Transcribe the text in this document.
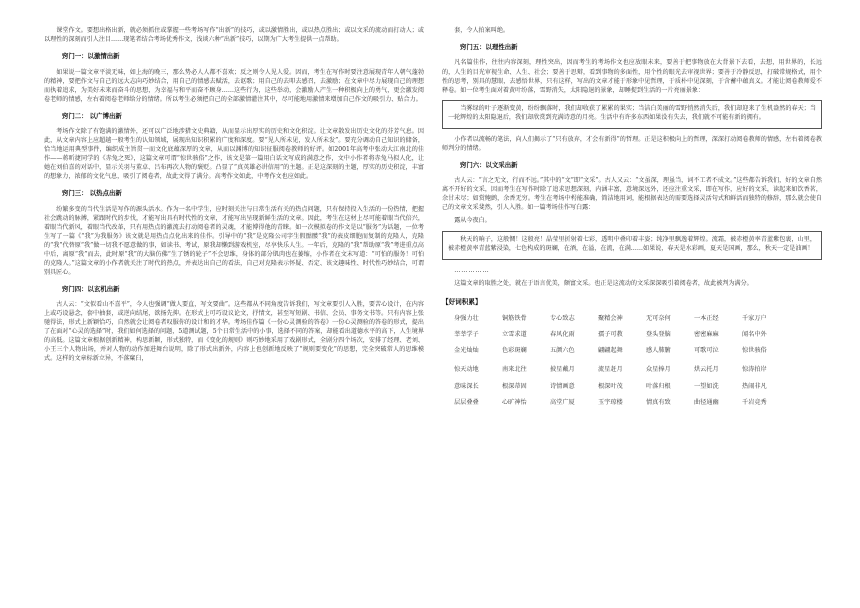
课堂作文。要想出格出新，就必须抓住或掌握一些考场写作“出新”的技巧，或以激情胜出，或以热点胜出；或以文采的流动而打动人；或以理性的深刻而引人注目……现笔者结合考场优秀作文，浅谈六种“出新”技巧，以期为广大考生提供一点帮助。

窍门一：以激情出新

如果说一篇文章平淡无味，如上海的晚三，那么势必人人都不喜欢；反之则令人见人爱。因而，考生在写作时要注意展现青年人朝气蓬勃的精神，要把作文与自己的远大志向巧妙结合，用自己的情感去赋活，去讴歌；用自己的去叩去感召，去激励；在文章中尽力展现自己的理想而执着追求，为美好未来而奋斗的思想，为幸福与和平而奋不顾身……这些行为，这些举动，会激励人产生一种积极向上的勇气，更会激发阅卷老师的情感，左右着阅卷老师给分的情绪。所以考生必须把自己的全部激情灌注其中，尽可能地用激情来增加自己作文的吸引力、贴合力。

窍门二： 以广博出新

考场作文除了有饱满的激情外，还可以广泛地涉猎文史典籍，从而显示出厚实的历史和文化积淀。让文章散发出历史文化的芬芳气息。因此，从文章内容上应超越一般考生的认知领域，展现出知识积累的广度和深度。要“见人所未见，发人所未发”。要充分调动自己知识的储备，恰当地运用典型事件，编织成主旨贯一而文化底蕴深厚的文章，从而以渊博的知识征服阅卷教师的好评。如2001年高考中张动大江南北的佳作——蒋昕捷同学的《赤兔之死》，这篇文章可谓“惊世骇俗”之作，该文是第一篇用白话文写成的满意之作，文中小作者将赤兔马拟人化，让她在刘伯喜的对话中，显示关羽与董卓、吕布再次人物的褒贬。凸显了“真英雄必讲信用”的主题。正是这深刻的主题，厚实的历史积淀，丰富的想象力，浓郁的文化气息，吸引了阅卷者，故此文得了满分。高考作文如此，中考作文也应如此。

窍门三： 以热点出新

纷繁多变的当代生活是写作的源头活水。作为一名中学生，应时刻关注与日常生活有关的热点问题，只有保持投入生活的一份热情，把握社会跳动的脉搏，紧跟时代的步伐，才能写出具有时代性的文章，才能写出呈现新鲜生活的文章。因此，考生在这材上尽可能着眼当代倍兴，着眼当代新风，着眼当代改革，只有用热点的激流去打动阅卷者的灵魂，才能博得他的青睐。如一次模拟卷的作文是以“服务”为话题，一位考生写了一篇《“我”为我服务》该文就是用热点点化出来的佳作。引导中的“我”是克隆公司字生假骷髅“我”的表皮细胞而复制的克隆人，克隆的“我”代替原“我”做一切我不愿意做的事，如读书、考试，原我却懒到游戏机室，尽享快乐人生。一年后，克隆的“我”帮助原“我”考进重点高中后，离原“我”而去，此时原“我”的大脑仿佛“生了锈的轮子”不会思维，身体的部分肌肉也在萎缩，小作者在文末写道：“可怕的服务！可怕的克隆人。”这篇文章的小作者就关注了时代的热点，并表达出自己的看法，自己对克隆表示怀疑、否定、该文趣味性、时代性巧妙结合，可谓别具匠心。

窍门四：以玄机出新

古人云：“文似看山不喜平”，今人也强调“做人要直，写文要曲”。这些都从不同角度告诉我们，写文章要引人入胜，要苦心设计，在内容上或巧设悬念，套中抽套，或逆向结尾，欲扬先抑。在形式上可巧设议论文，抒情文，甚至写短剧、书信、会员、事务文书等。只有内容上张驰得法，形式上新颖恰巧，自然就会让阅卷者叹服你的设计和的才华。考场佳作篇《一份心灵测验的答卷》一份心灵测验的答卷的形式，提出了在面对“心灵的选择”时，我们如何选择的问题，5道测试题，5个日常生活中的小事，选择不同的答案，却能看出道德水平的高下，人生境界的高低。这篇文章根据创新精神，构思新颖，形式独特，而《变化的规则》则巧妙地采用了戏剧形式，全剧分四个场次，安排了经理、老刘、小王三个人物出场，并对人物的动作加进舞台说明，除了形式出新外，内容上也创新地反映了“规则要变化”的思想，完全突破常人的思维模式。这样的文章标新立异，不落窠臼，

套，令人拍案叫绝。

窍门五：以理性出新

凡名篇佳作，往往内容深刻，理性突出，因而考生的考场作文也应放眼未来，要善于把事物放在大背景下去看，去想，用世界的，长远的，人生的目光审视生命、人生、社会；要善于思辩，看到事物的多面性，用个性的眼光去审视世界；要善于冷静反思，打破常规格式，用个性的思考，别具的慧眼，去感悟世界，只有这样，写出的文章才能于形象中见哲理，于质朴中见深刻，于含蓄中蕴真义。才能让阅卷教师爱不释卷。如一位考生面对着黄叶纷落，雪野消失，太阳隐退的景象，却睡捉到生活的一片亮丽景象：

当雾绿的叶子逐渐变黄，纷纷飘落时，我们却收获了累累的果实；当洁白美丽的雪野悄然消失后，我们却迎来了生机盎然的春天；当一轮辉煌的太阳隐退后，我们却欣赏到充满诗意的月亮。生活中有许多东西如果没有失去，我们就不可能有新的拥有。

小作者以流畅的笔法，向人们揭示了“只有放弃，才会有新得”的哲理。正是这积极向上的哲理，深深打动阅卷教师的情感，左右着阅卷教师判分的情绪。

窍门六：以文采出新

古人云：“言之无文，行而不远。”其中的“文”即“文采”。古人又云：“文虽深，理虽当，词不工者不成文。”这些都告诉我们，好的文章自然离不开好的文采，因而考生在写作时除了追求思想深刻，内涵丰富，意境深远外，还应注重文采，即在写作，应好的文采，读起来如饮香茗，余甘未尽；如赏鲍鹧，余香无穷。考生在考场中枵能准确，简洁地用词，能根据表达的需要选择灵活句式和鲜活而独特的修辞，那么就会使自己的文章文采斐然，引人入胜。如一篇考场佳作写白露：

露从今夜白。

秋天的晌子，这般惆！这般亮！晶莹里折射着七彩，透明中叠印着丰姿；纯净里飘逸着辉煌。流霜，被赤橙黄率青蓝紫包裹，山里，被赤橙黄率青蓝紫浸染，七色构成的斑斓，在酒，在溢，在流，在满……如果说，春天是水彩画，夏天是国画，那么，秋天一定是油画！

……………

这篇文章的取胜之处，就在于语言优美，颇富文采。也正是这流动的文采深深吸引着阅卷者，故此被判为满分。

【好词积累】
身强力壮	铜筋铁骨	专心致志	聚精会神	无可奈何	一本正经	千家万户
莘莘学子	立雪求道	春风化雨	孺子可教	登头登脑	密密麻麻	闻名中外
金光灿灿	色彩斑斓	五颜六色	翩翩起舞	感人肺腑	可歌可泣	惊世骇俗
惊天动地	南来北往	披星戴月	流星赶月	众星捧月	烘云托月	惊涛拍岸
意味深长	根深蒂固	诗情画意	根深叶茂	叶落归根	一望如洗	热闹非凡
层层叠叠	心旷神怡	高堂广厦	玉宇琼楼	情真有致	曲径通幽	千岩竞秀
